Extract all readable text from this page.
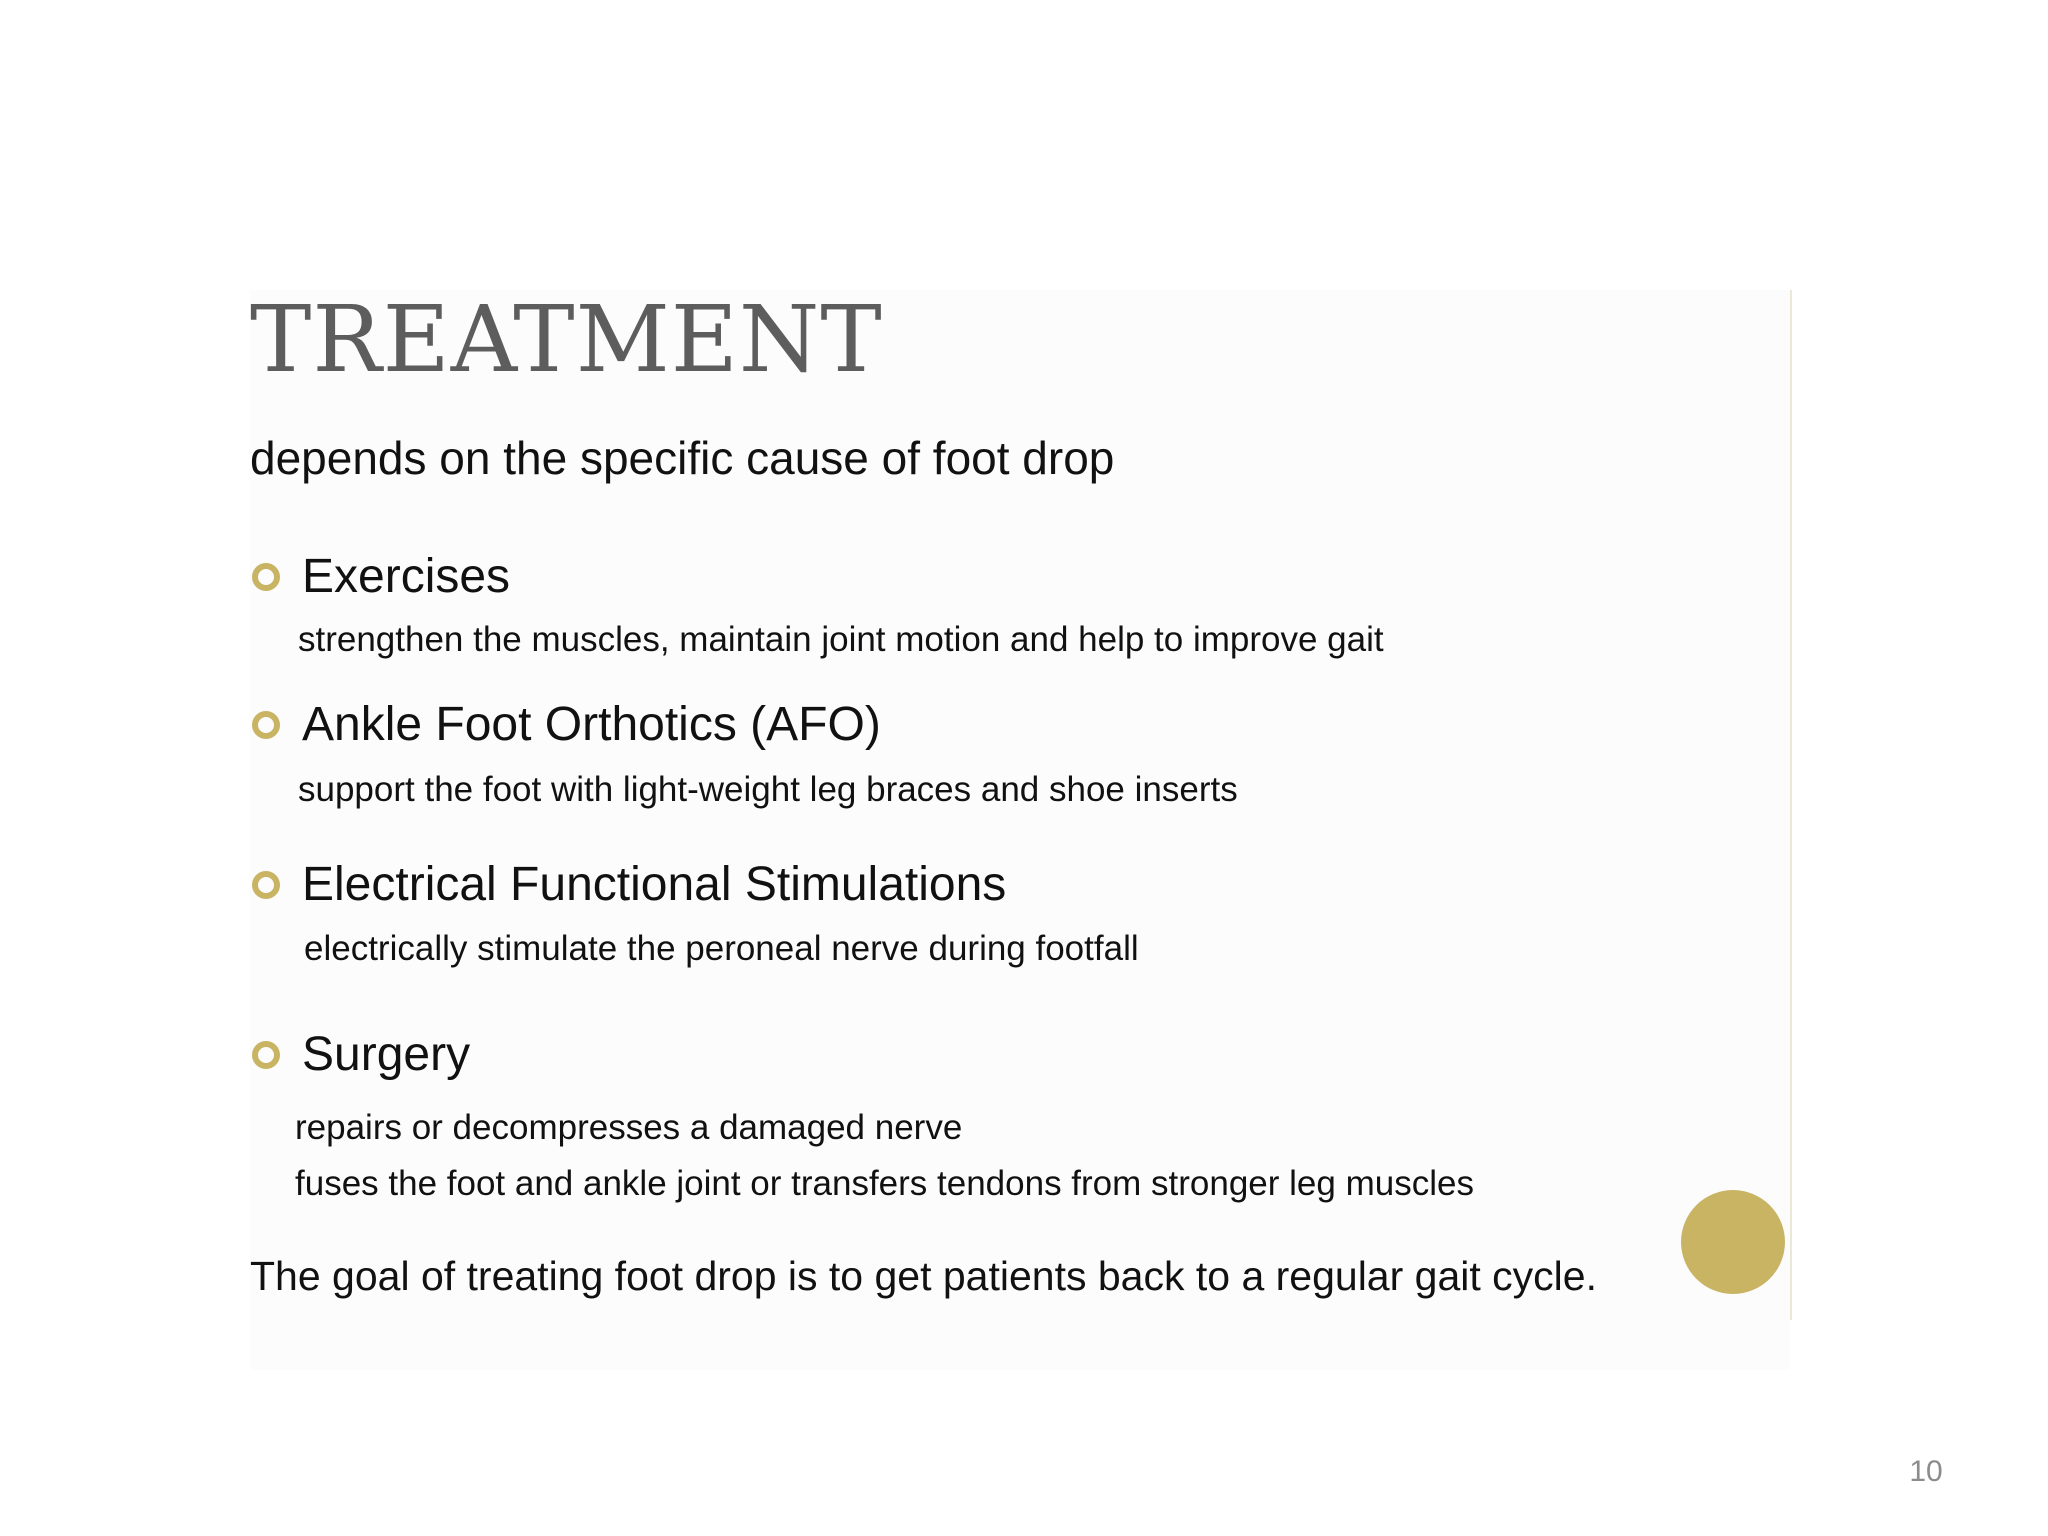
TREATMENT
depends on the specific cause of foot drop
Exercises
strengthen the muscles, maintain joint motion and help to improve gait
Ankle Foot Orthotics (AFO)
support the foot with light-weight leg braces and shoe inserts
Electrical Functional Stimulations
electrically stimulate the peroneal nerve during footfall
Surgery
repairs or decompresses a damaged nerve
fuses the foot and ankle joint or transfers tendons from stronger leg muscles
The goal of treating foot drop is to get patients back to a regular gait cycle.
10
